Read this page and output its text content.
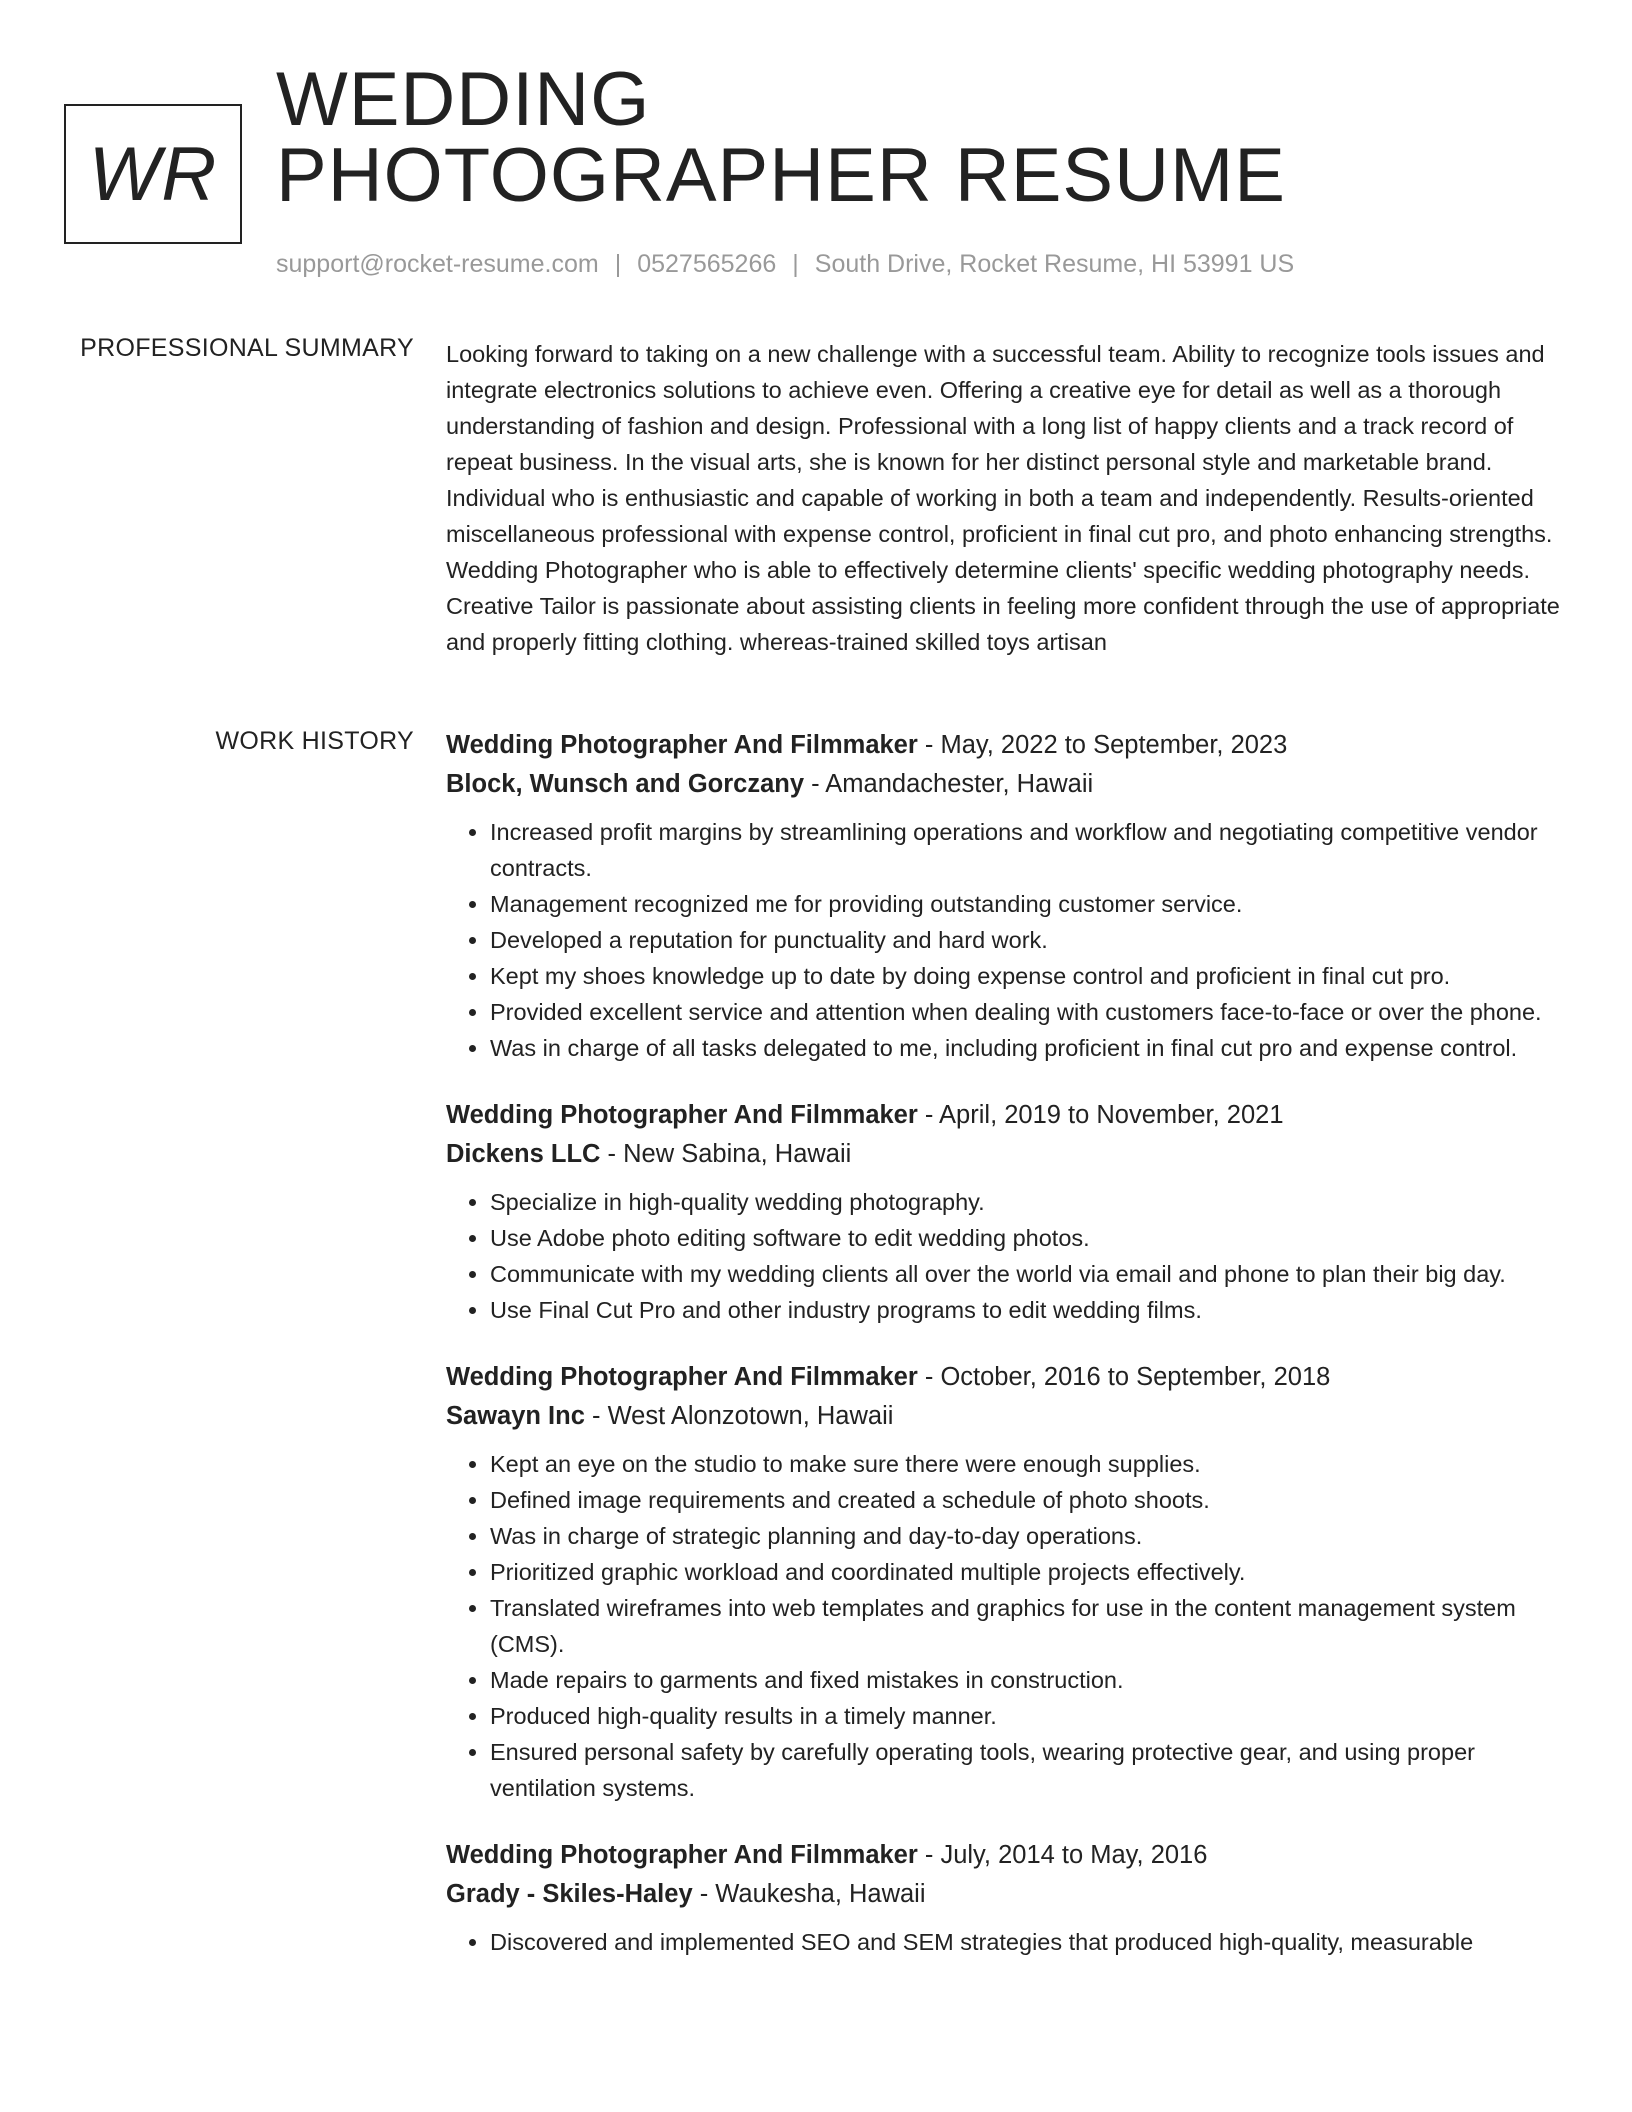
WR
WEDDING
PHOTOGRAPHER RESUME
support@rocket-resume.com | 0527565266 | South Drive, Rocket Resume, HI 53991 US
PROFESSIONAL SUMMARY Looking forward to taking on a new challenge with a successful team. Ability to recognize tools issues and integrate electronics solutions to achieve even. Offering a creative eye for detail as well as a thorough understanding of fashion and design. Professional with a long list of happy clients and a track record of repeat business. In the visual arts, she is known for her distinct personal style and marketable brand. Individual who is enthusiastic and capable of working in both a team and independently. Results-oriented miscellaneous professional with expense control, proficient in final cut pro, and photo enhancing strengths. Wedding Photographer who is able to effectively determine clients' specific wedding photography needs. Creative Tailor is passionate about assisting clients in feeling more confident through the use of appropriate and properly fitting clothing. whereas-trained skilled toys artisan

WORK HISTORY Wedding Photographer And Filmmaker - May, 2022 to September, 2023
Block, Wunsch and Gorczany - Amandachester, Hawaii
• Increased profit margins by streamlining operations and workflow and negotiating competitive vendor contracts.
• Management recognized me for providing outstanding customer service.
• Developed a reputation for punctuality and hard work.
• Kept my shoes knowledge up to date by doing expense control and proficient in final cut pro.
• Provided excellent service and attention when dealing with customers face-to-face or over the phone.
• Was in charge of all tasks delegated to me, including proficient in final cut pro and expense control.
Wedding Photographer And Filmmaker - April, 2019 to November, 2021
Dickens LLC - New Sabina, Hawaii
• Specialize in high-quality wedding photography.
• Use Adobe photo editing software to edit wedding photos.
• Communicate with my wedding clients all over the world via email and phone to plan their big day.
• Use Final Cut Pro and other industry programs to edit wedding films.
Wedding Photographer And Filmmaker - October, 2016 to September, 2018
Sawayn Inc - West Alonzotown, Hawaii
• Kept an eye on the studio to make sure there were enough supplies.
• Defined image requirements and created a schedule of photo shoots.
• Was in charge of strategic planning and day-to-day operations.
• Prioritized graphic workload and coordinated multiple projects effectively.
• Translated wireframes into web templates and graphics for use in the content management system (CMS).
• Made repairs to garments and fixed mistakes in construction.
• Produced high-quality results in a timely manner.
• Ensured personal safety by carefully operating tools, wearing protective gear, and using proper ventilation systems.
Wedding Photographer And Filmmaker - July, 2014 to May, 2016
Grady - Skiles-Haley - Waukesha, Hawaii
• Discovered and implemented SEO and SEM strategies that produced high-quality, measurable
